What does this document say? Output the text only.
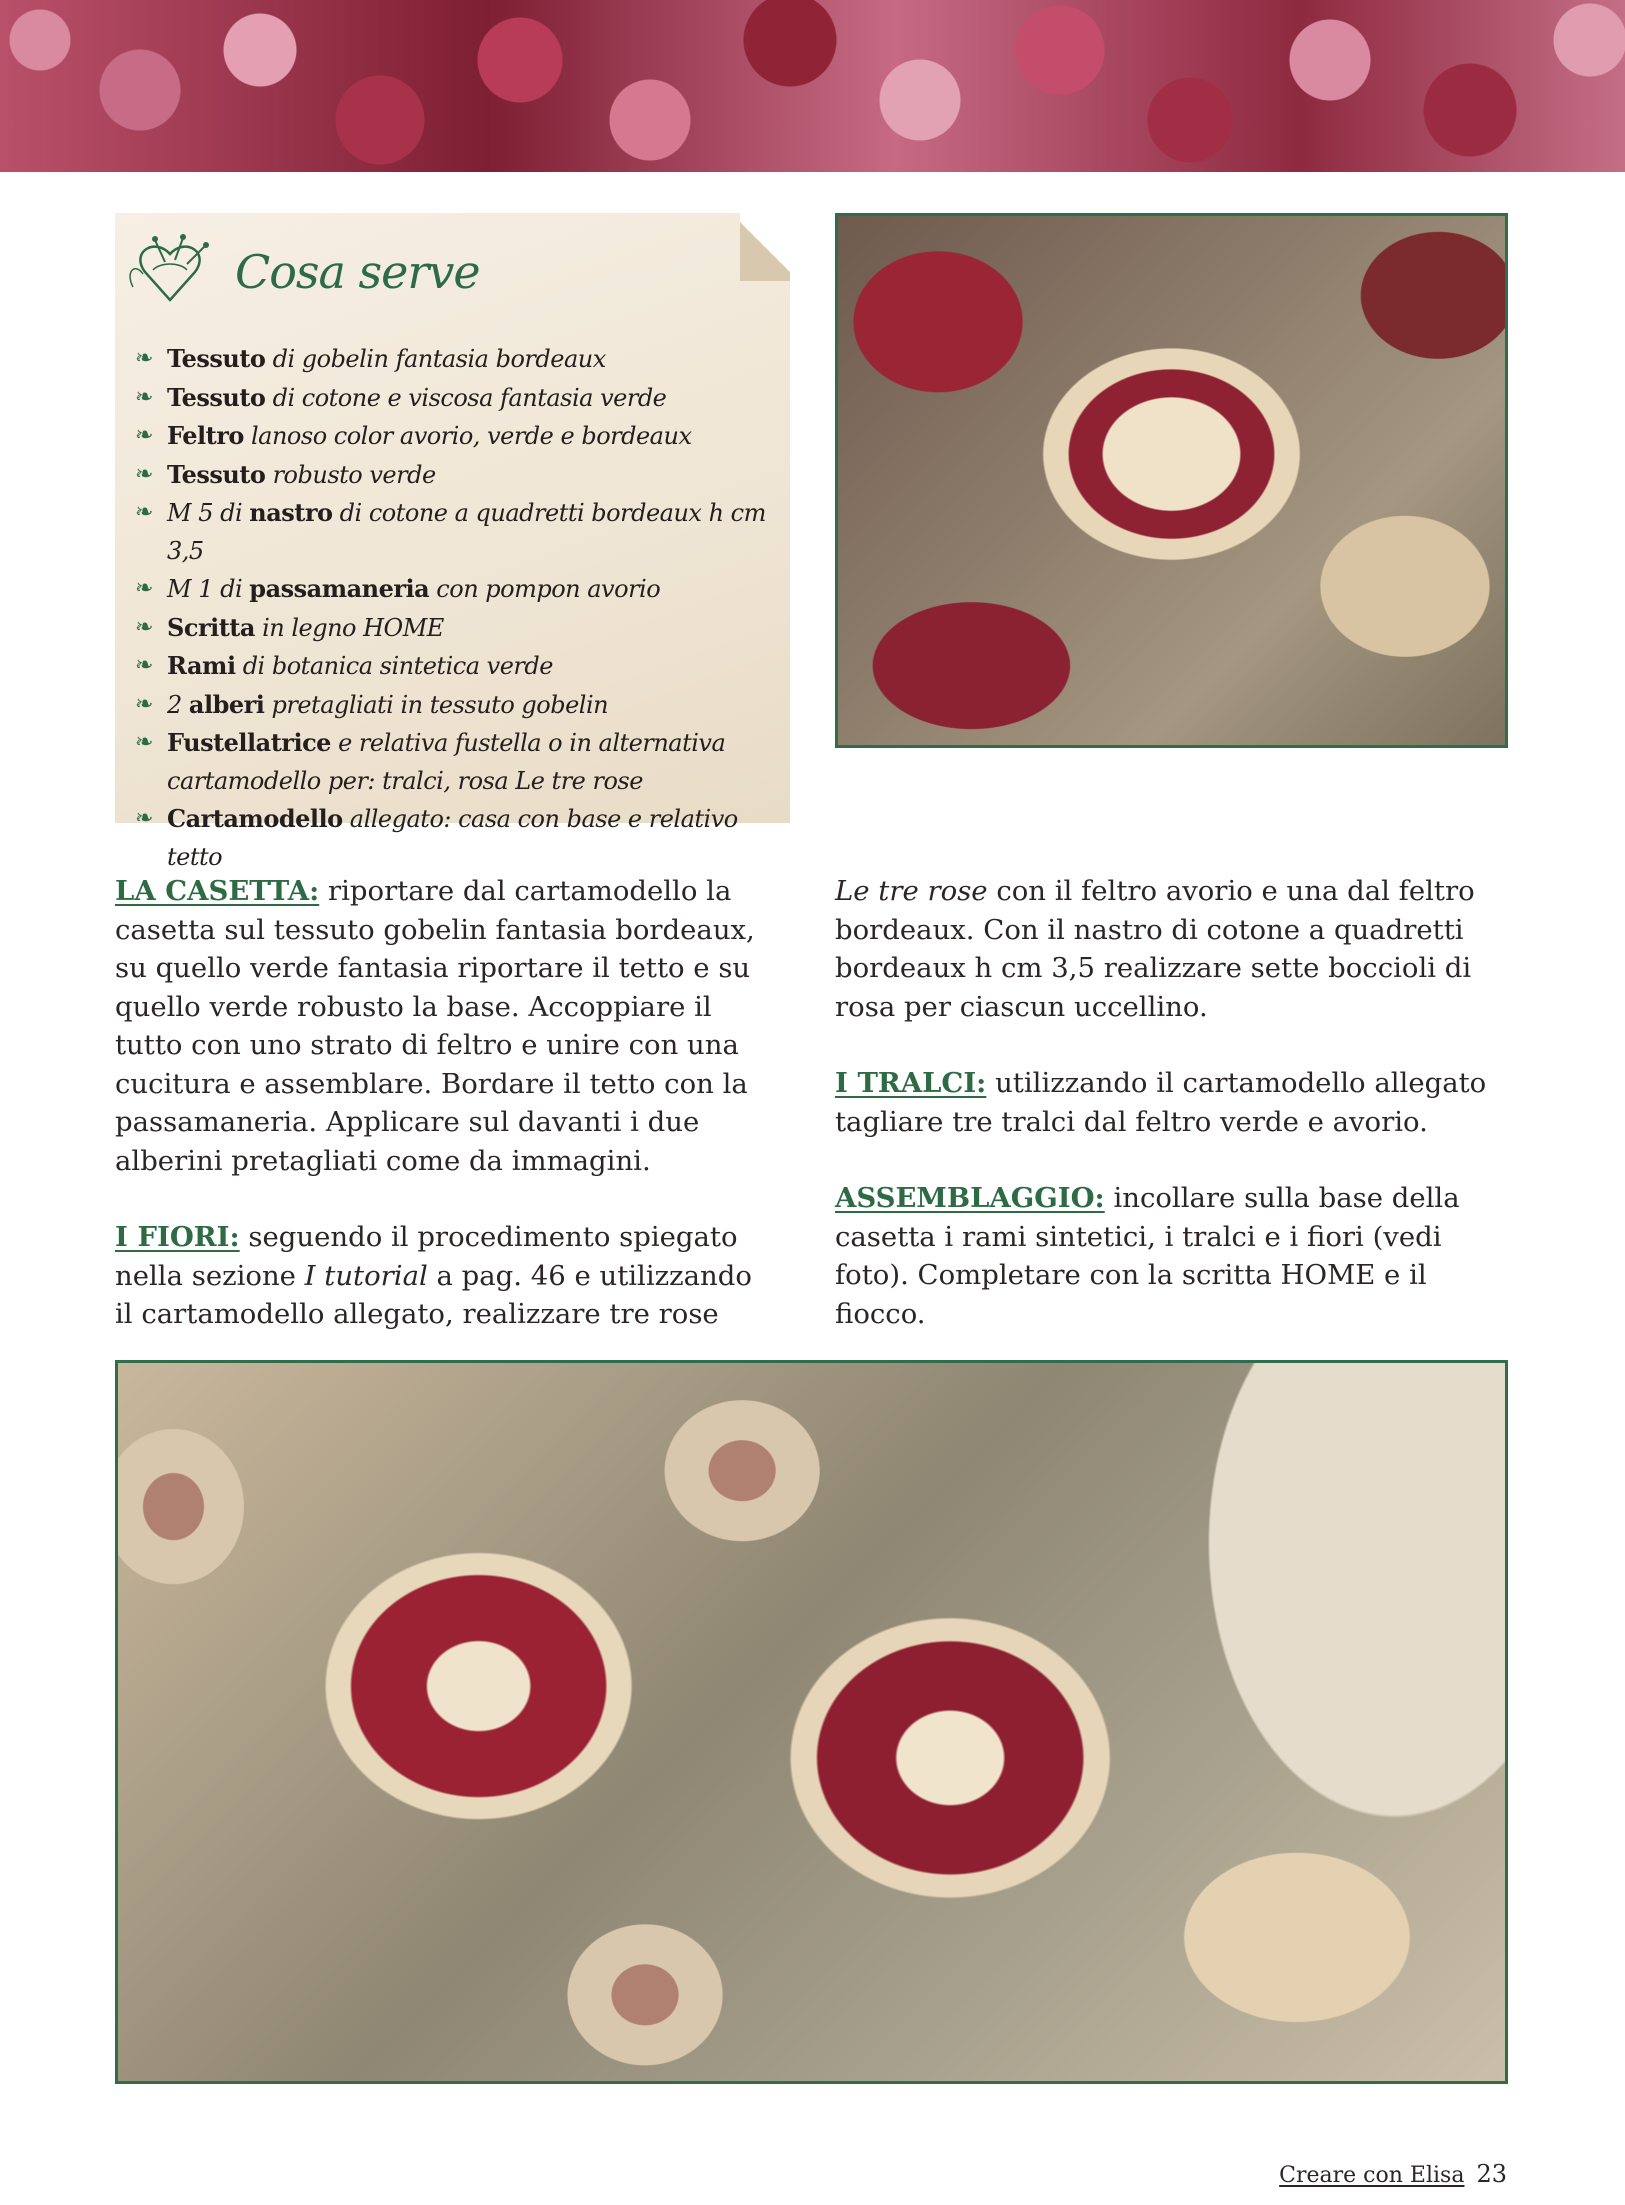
Cosa serve
❧ Tessuto di gobelin fantasia bordeaux
❧ Tessuto di cotone e viscosa fantasia verde
❧ Feltro lanoso color avorio, verde e bordeaux
❧ Tessuto robusto verde
❧ M 5 di nastro di cotone a quadretti bordeaux h cm 3,5
❧ M 1 di passamaneria con pompon avorio
❧ Scritta in legno HOME
❧ Rami di botanica sintetica verde
❧ 2 alberi pretagliati in tessuto gobelin
❧ Fustellatrice e relativa fustella o in alternativa cartamodello per: tralci, rosa Le tre rose
❧ Cartamodello allegato: casa con base e relativo tetto

LA CASETTA: riportare dal cartamodello la casetta sul tessuto gobelin fantasia bordeaux, su quello verde fantasia riportare il tetto e su quello verde robusto la base. Accoppiare il tutto con uno strato di feltro e unire con una cucitura e assemblare. Bordare il tetto con la passamaneria. Applicare sul davanti i due alberini pretagliati come da immagini.

I FIORI: seguendo il procedimento spiegato nella sezione I tutorial a pag. 46 e utilizzando il cartamodello allegato, realizzare tre rose

Le tre rose con il feltro avorio e una dal feltro bordeaux. Con il nastro di cotone a quadretti bordeaux h cm 3,5 realizzare sette boccioli di rosa per ciascun uccellino.

I TRALCI: utilizzando il cartamodello allegato tagliare tre tralci dal feltro verde e avorio.

ASSEMBLAGGIO: incollare sulla base della casetta i rami sintetici, i tralci e i fiori (vedi foto). Completare con la scritta HOME e il fiocco.

Creare con Elisa 23
